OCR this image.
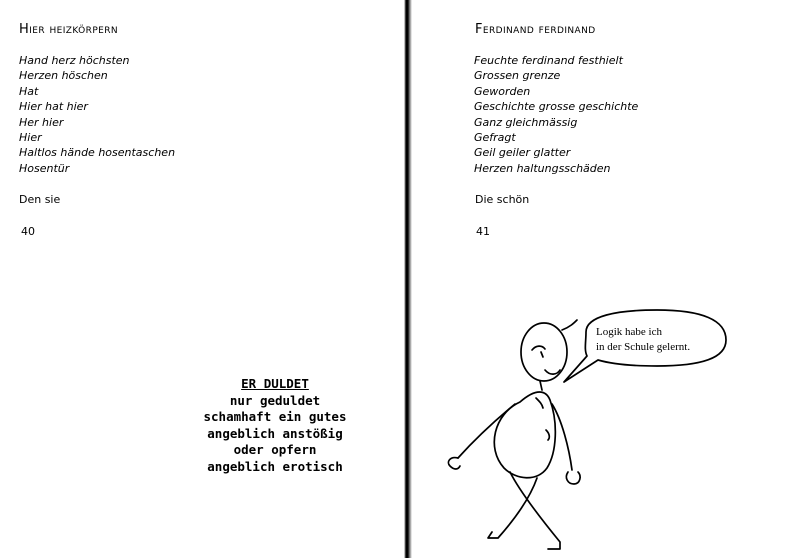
Hier heizkörpern
Hand herz höchsten
Herzen höschen
Hat
Hier hat hier
Her hier
Hier
Haltlos hände hosentaschen
Hosentür
Den sie
40
ER DULDET
nur geduldet
schamhaft ein gutes
angeblich anstößig
oder opfern
angeblich erotisch
Ferdinand ferdinand
Feuchte ferdinand festhielt
Grossen grenze
Geworden
Geschichte grosse geschichte
Ganz gleichmässig
Gefragt
Geil geiler glatter
Herzen haltungsschäden
Die schön
41
Logik habe ich
in der Schule gelernt.
